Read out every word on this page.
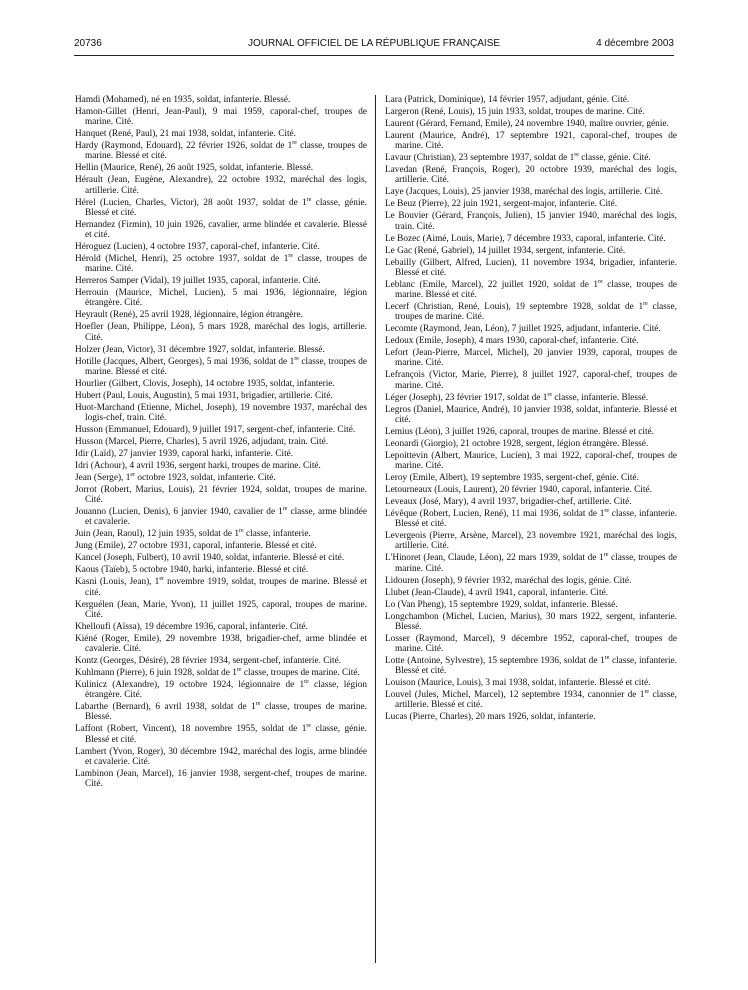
20736	JOURNAL OFFICIEL DE LA RÉPUBLIQUE FRANÇAISE	4 décembre 2003

Hamdi (Mohamed), né en 1935, soldat, infanterie. Blessé.

Hamon-Gillet (Henri, Jean-Paul), 9 mai 1959, caporal-chef, troupes de marine. Cité.

Hanquet (René, Paul), 21 mai 1938, soldat, infanterie. Cité.

Hardy (Raymond, Edouard), 22 février 1926, soldat de 1re classe, troupes de marine. Blessé et cité.

Hellin (Maurice, René), 26 août 1925, soldat, infanterie. Blessé.

Hérault (Jean, Eugène, Alexandre), 22 octobre 1932, maréchal des logis, artillerie. Cité.

Hérel (Lucien, Charles, Victor), 28 août 1937, soldat de 1re classe, génie. Blessé et cité.

Hernandez (Firmin), 10 juin 1926, cavalier, arme blindée et cavalerie. Blessé et cité.

Héroguez (Lucien), 4 octobre 1937, caporal-chef, infanterie. Cité.

Hérold (Michel, Henri), 25 octobre 1937, soldat de 1re classe, troupes de marine. Cité.

Herreros Samper (Vidal), 19 juillet 1935, caporal, infanterie. Cité.

Herrouin (Maurice, Michel, Lucien), 5 mai 1936, légionnaire, légion étrangère. Cité.

Heyrault (René), 25 avril 1928, légionnaire, légion étrangère.

Hoefler (Jean, Philippe, Léon), 5 mars 1928, maréchal des logis, artillerie. Cité.

Holzer (Jean, Victor), 31 décembre 1927, soldat, infanterie. Blessé.

Hotille (Jacques, Albert, Georges), 5 mai 1936, soldat de 1re classe, troupes de marine. Blessé et cité.

Hourlier (Gilbert, Clovis, Joseph), 14 octobre 1935, soldat, infanterie.

Hubert (Paul, Louis, Augustin), 5 mai 1931, brigadier, artillerie. Cité.

Huot-Marchand (Etienne, Michel, Joseph), 19 novembre 1937, maréchal des logis-chef, train. Cité.

Husson (Emmanuel, Edouard), 9 juillet 1917, sergent-chef, infanterie. Cité.

Husson (Marcel, Pierre, Charles), 5 avril 1926, adjudant, train. Cité.

Idir (Laïd), 27 janvier 1939, caporal harki, infanterie. Cité.

Idri (Achour), 4 avril 1936, sergent harki, troupes de marine. Cité.

Jean (Serge), 1er octobre 1923, soldat, infanterie. Cité.

Jorrot (Robert, Marius, Louis), 21 février 1924, soldat, troupes de marine. Cité.

Jouanno (Lucien, Denis), 6 janvier 1940, cavalier de 1re classe, arme blindée et cavalerie.

Juin (Jean, Raoul), 12 juin 1935, soldat de 1re classe, infanterie.

Jung (Emile), 27 octobre 1931, caporal, infanterie. Blessé et cité.

Kancel (Joseph, Fulbert), 10 avril 1940, soldat, infanterie. Blessé et cité.

Kaous (Taïeb), 5 octobre 1940, harki, infanterie. Blessé et cité.

Kasni (Louis, Jean), 1er novembre 1919, soldat, troupes de marine. Blessé et cité.

Kerguélen (Jean, Marie, Yvon), 11 juillet 1925, caporal, troupes de marine. Cité.

Khelloufi (Aïssa), 19 décembre 1936, caporal, infanterie. Cité.

Kiéné (Roger, Emile), 29 novembre 1938, brigadier-chef, arme blindée et cavalerie. Cité.

Kontz (Georges, Désiré), 28 février 1934, sergent-chef, infanterie. Cité.

Kuhlmann (Pierre), 6 juin 1928, soldat de 1re classe, troupes de marine. Cité.

Kulinicz (Alexandre), 19 octobre 1924, légionnaire de 1re classe, légion étrangère. Cité.

Labarthe (Bernard), 6 avril 1938, soldat de 1re classe, troupes de marine. Blessé.

Laffont (Robert, Vincent), 18 novembre 1955, soldat de 1re classe, génie. Blessé et cité.

Lambert (Yvon, Roger), 30 décembre 1942, maréchal des logis, arme blindée et cavalerie. Cité.

Lambinon (Jean, Marcel), 16 janvier 1938, sergent-chef, troupes de marine. Cité.

Lara (Patrick, Dominique), 14 février 1957, adjudant, génie. Cité.

Largeron (René, Louis), 15 juin 1933, soldat, troupes de marine. Cité.

Laurent (Gérard, Fernand, Emile), 24 novembre 1940, maître ouvrier, génie.

Laurent (Maurice, André), 17 septembre 1921, caporal-chef, troupes de marine. Cité.

Lavaur (Christian), 23 septembre 1937, soldat de 1re classe, génie. Cité.

Lavedan (René, François, Roger), 20 octobre 1939, maréchal des logis, artillerie. Cité.

Laye (Jacques, Louis), 25 janvier 1938, maréchal des logis, artillerie. Cité.

Le Beuz (Pierre), 22 juin 1921, sergent-major, infanterie. Cité.

Le Bouvier (Gérard, François, Julien), 15 janvier 1940, maréchal des logis, train. Cité.

Le Bozec (Aimé, Louis, Marie), 7 décembre 1933, caporal, infanterie. Cité.

Le Gac (René, Gabriel), 14 juillet 1934, sergent, infanterie. Cité.

Lebailly (Gilbert, Alfred, Lucien), 11 novembre 1934, brigadier, infanterie. Blessé et cité.

Leblanc (Emile, Marcel), 22 juillet 1920, soldat de 1re classe, troupes de marine. Blessé et cité.

Lecerf (Christian, René, Louis), 19 septembre 1928, soldat de 1re classe, troupes de marine. Cité.

Lecomte (Raymond, Jean, Léon), 7 juillet 1925, adjudant, infanterie. Cité.

Ledoux (Emile, Joseph), 4 mars 1930, caporal-chef, infanterie. Cité.

Lefort (Jean-Pierre, Marcel, Michel), 20 janvier 1939, caporal, troupes de marine. Cité.

Lefrançois (Victor, Marie, Pierre), 8 juillet 1927, caporal-chef, troupes de marine. Cité.

Léger (Joseph), 23 février 1917, soldat de 1re classe, infanterie. Blessé.

Legros (Daniel, Maurice, André), 10 janvier 1938, soldat, infanterie. Blessé et cité.

Lemius (Léon), 3 juillet 1926, caporal, troupes de marine. Blessé et cité.

Leonardi (Giorgio), 21 octobre 1928, sergent, légion étrangère. Blessé.

Lepoittevin (Albert, Maurice, Lucien), 3 mai 1922, caporal-chef, troupes de marine. Cité.

Leroy (Emile, Albert), 19 septembre 1935, sergent-chef, génie. Cité.

Letourneaux (Louis, Laurent), 20 février 1940, caporal, infanterie. Cité.

Leveaux (José, Mary), 4 avril 1937, brigadier-chef, artillerie. Cité.

Lévêque (Robert, Lucien, René), 11 mai 1936, soldat de 1re classe, infanterie. Blessé et cité.

Levergeois (Pierre, Arsène, Marcel), 23 novembre 1921, maréchal des logis, artillerie. Cité.

L'Hinoret (Jean, Claude, Léon), 22 mars 1939, soldat de 1re classe, troupes de marine. Cité.

Lidouren (Joseph), 9 février 1932, maréchal des logis, génie. Cité.

Llubet (Jean-Claude), 4 avril 1941, caporal, infanterie. Cité.

Lo (Van Pheng), 15 septembre 1929, soldat, infanterie. Blessé.

Longchambon (Michel, Lucien, Marius), 30 mars 1922, sergent, infanterie. Blessé.

Losser (Raymond, Marcel), 9 décembre 1952, caporal-chef, troupes de marine. Cité.

Lotte (Antoine, Sylvestre), 15 septembre 1936, soldat de 1re classe, infanterie. Blessé et cité.

Louison (Maurice, Louis), 3 mai 1938, soldat, infanterie. Blessé et cité.

Louvel (Jules, Michel, Marcel), 12 septembre 1934, canonnier de 1re classe, artillerie. Blessé et cité.

Lucas (Pierre, Charles), 20 mars 1926, soldat, infanterie.
